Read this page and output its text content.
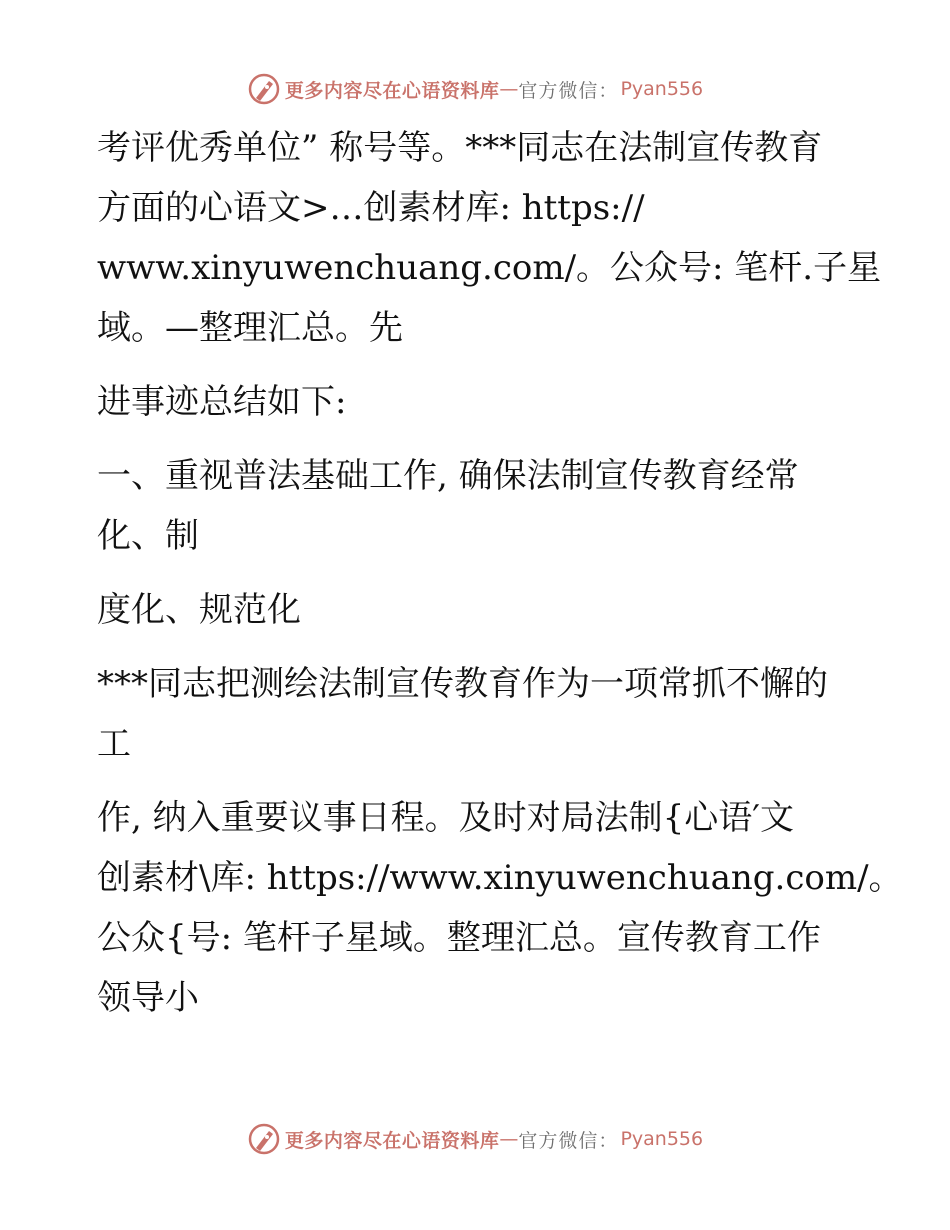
更多内容尽在心语资料库 — 官方微信： Pyan556

考评优秀单位” 称号等。***同志在法制宣传教育

方面的心语文>…创素材库: https://

www.xinyuwenchuang.com/。公众号: 笔杆.子星

域。—整理汇总。先

进事迹总结如下:

一、重视普法基础工作, 确保法制宣传教育经常

化、制

度化、规范化

***同志把测绘法制宣传教育作为一项常抓不懈的

工

作, 纳入重要议事日程。及时对局法制{心语′文

创素材\库: https://www.xinyuwenchuang.com/。

公众{号: 笔杆子星域。整理汇总。宣传教育工作

领导小

更多内容尽在心语资料库 — 官方微信： Pyan556
